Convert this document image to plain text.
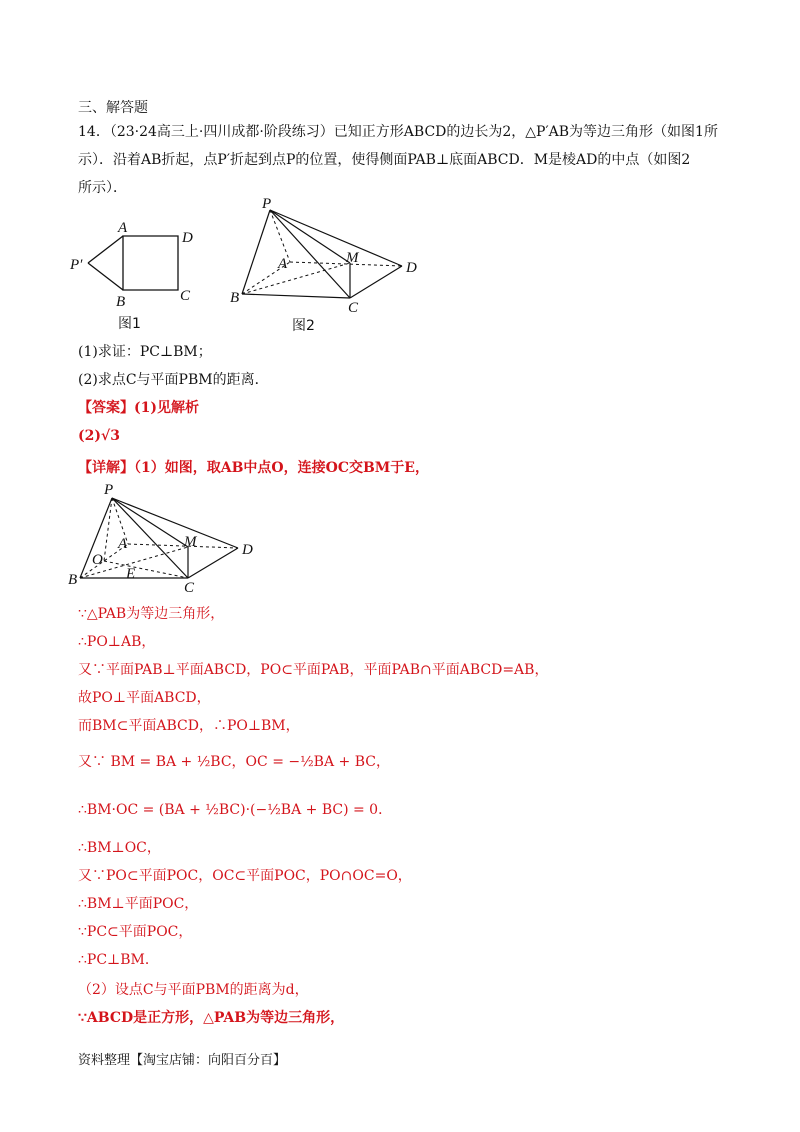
三、解答题
14．（23·24高三上·四川成都·阶段练习）已知正方形ABCD的边长为2，△P′AB为等边三角形（如图1所
示）．沿着AB折起，点P′折起到点P的位置，使得侧面PAB⊥底面ABCD．M是棱AD的中点（如图2
所示）．
A
D
P′
B	C
图1
P
A	M
D
B
C
图2
(1)求证：PC⊥BM；
(2)求点C与平面PBM的距离．
【答案】(1)见解析
(2)√3
【详解】（1）如图，取AB中点O，连接OC交BM于E，
P
A	M	D
O
E
B	C
∵△PAB为等边三角形，
∴PO⊥AB，
又∵平面PAB⊥平面ABCD，PO⊂平面PAB，平面PAB∩平面ABCD=AB，
故PO⊥平面ABCD，
而BM⊂平面ABCD，∴PO⊥BM，
又∵ BM = BA + ½BC，OC = −½BA + BC，
∴BM·OC = (BA + ½BC)·(−½BA + BC) = 0．
∴BM⊥OC，
又∵PO⊂平面POC，OC⊂平面POC，PO∩OC=O，
∴BM⊥平面POC，
∵PC⊂平面POC，
∴PC⊥BM．
（2）设点C与平面PBM的距离为d，
∵ABCD是正方形，△PAB为等边三角形，
资料整理【淘宝店铺：向阳百分百】
